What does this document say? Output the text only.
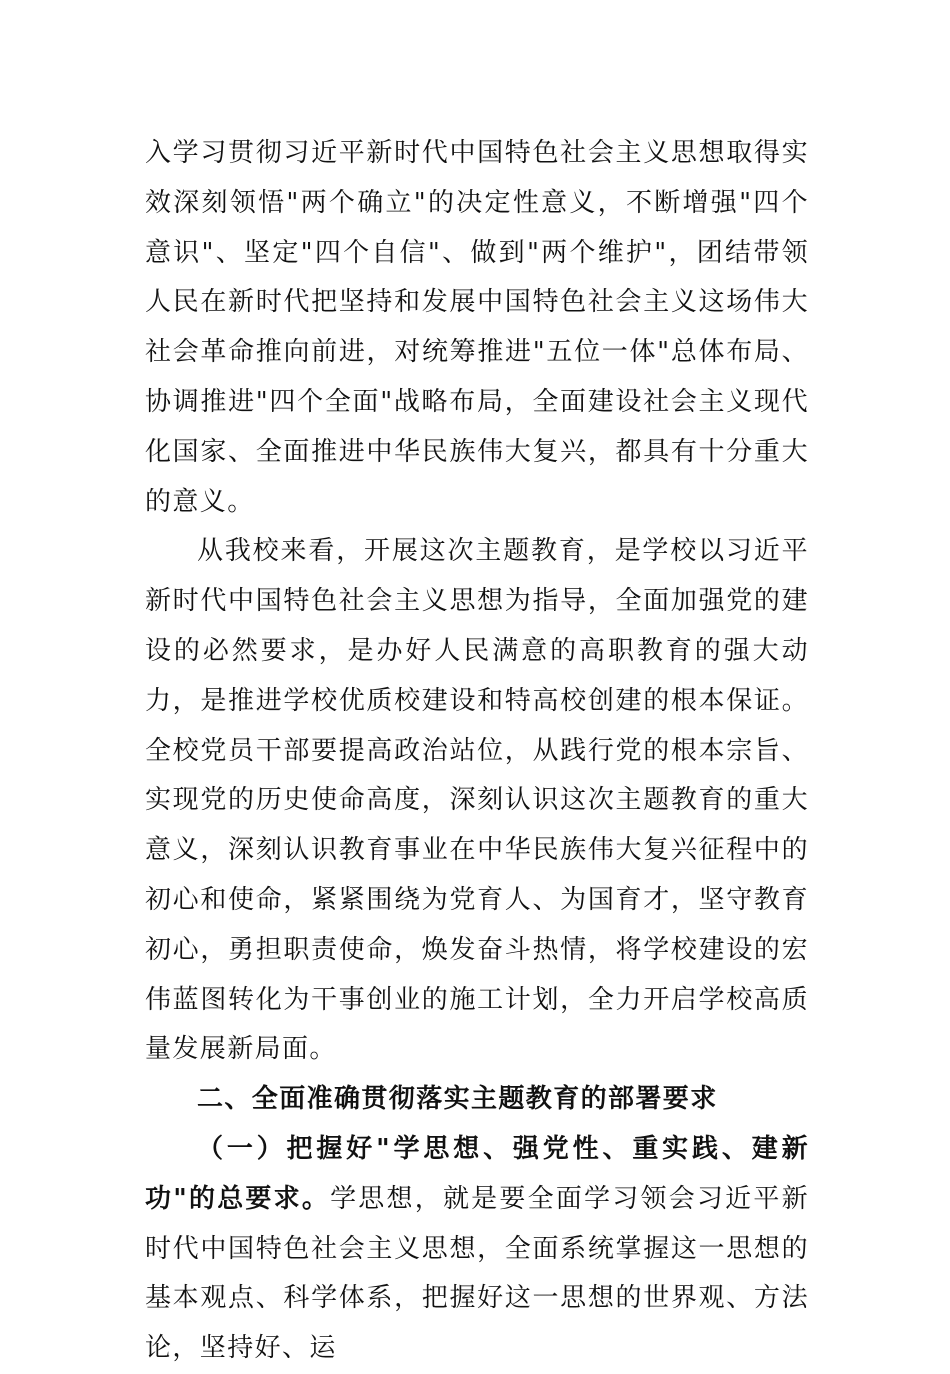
入学习贯彻习近平新时代中国特色社会主义思想取得实效深刻领悟"两个确立"的决定性意义，不断增强"四个意识"、坚定"四个自信"、做到"两个维护"，团结带领人民在新时代把坚持和发展中国特色社会主义这场伟大社会革命推向前进，对统筹推进"五位一体"总体布局、协调推进"四个全面"战略布局，全面建设社会主义现代化国家、全面推进中华民族伟大复兴，都具有十分重大的意义。

从我校来看，开展这次主题教育，是学校以习近平新时代中国特色社会主义思想为指导，全面加强党的建设的必然要求，是办好人民满意的高职教育的强大动力，是推进学校优质校建设和特高校创建的根本保证。全校党员干部要提高政治站位，从践行党的根本宗旨、实现党的历史使命高度，深刻认识这次主题教育的重大意义，深刻认识教育事业在中华民族伟大复兴征程中的初心和使命，紧紧围绕为党育人、为国育才，坚守教育初心，勇担职责使命，焕发奋斗热情，将学校建设的宏伟蓝图转化为干事创业的施工计划，全力开启学校高质量发展新局面。

二、全面准确贯彻落实主题教育的部署要求

（一）把握好"学思想、强党性、重实践、建新功"的总要求。学思想，就是要全面学习领会习近平新时代中国特色社会主义思想，全面系统掌握这一思想的基本观点、科学体系，把握好这一思想的世界观、方法论，坚持好、运
